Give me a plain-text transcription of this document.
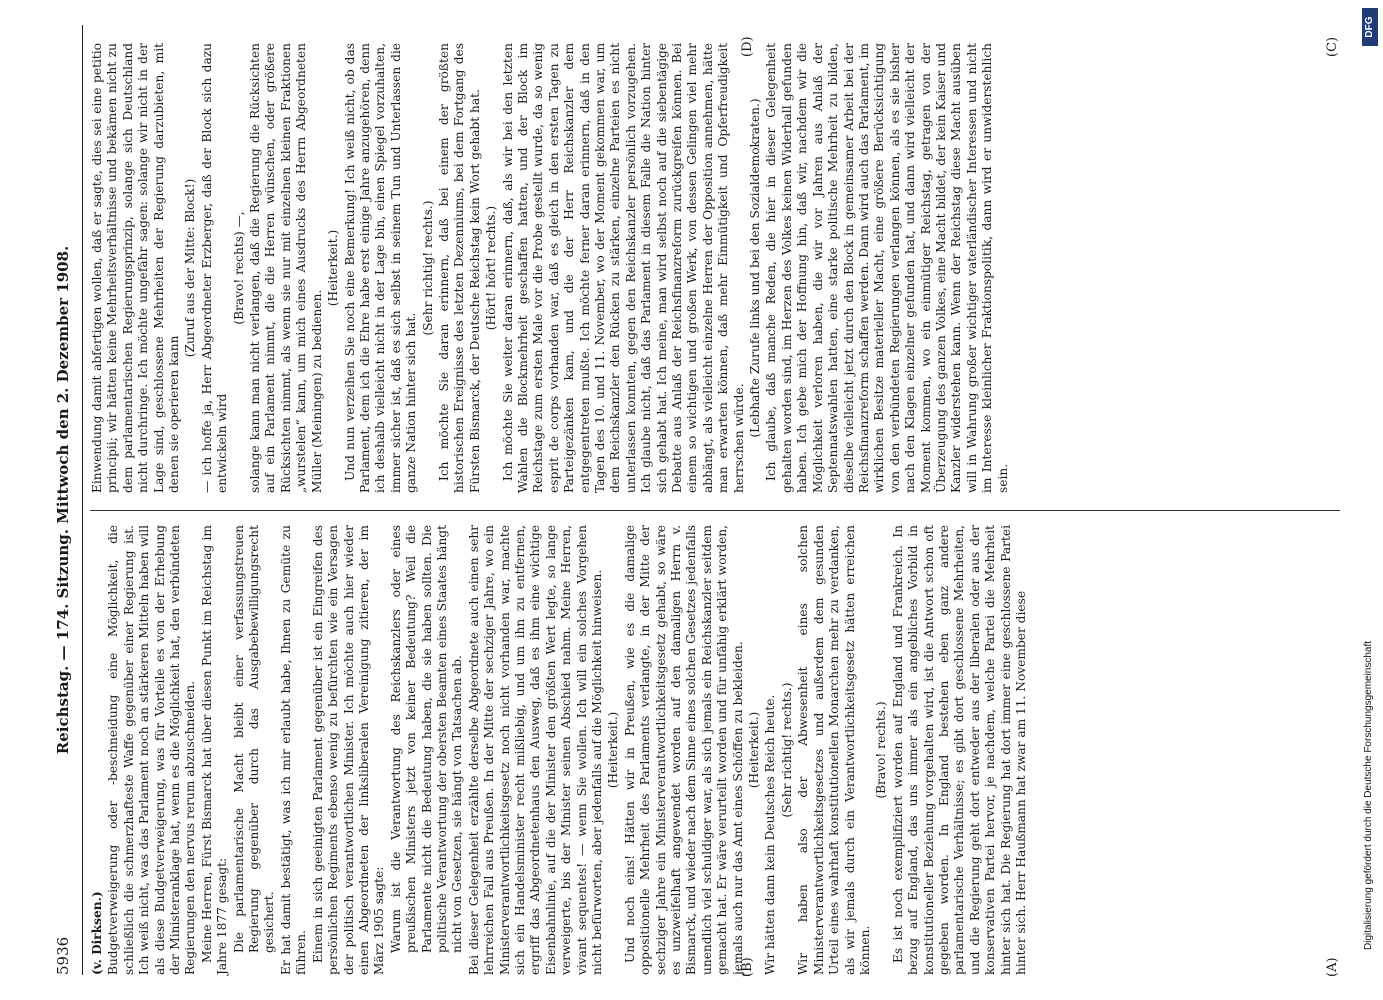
5936
Reichstag. — 174. Sitzung. Mittwoch den 2. Dezember 1908.

(v. Dirksen.) Budgetverweigerung oder -beschneidung eine Möglichkeit, die schließlich die schmerzhafteste Waffe gegenüber einer Regierung ist. Ich weiß nicht, was das Parlament noch an stärkeren Mitteln haben will als diese Budgetverweigerung, was für Vorteile es von der Erhebung der Ministeranklage hat, wenn es die Möglichkeit hat, den verbündeten Regierungen den nervus rerum abzuschneiden. Meine Herren, Fürst Bismarck hat über diesen Punkt im Reichstag im Jahre 1877 gesagt: Die parlamentarische Macht bleibt einer verfassungstreuen Regierung gegenüber durch das Ausgabebewilligungsrecht gesichert. Er hat damit bestätigt, was ich mir erlaubt habe, Ihnen zu Gemüte zu führen. Einem in sich geeinigten Parlament gegenüber ist ein Eingreifen des persönlichen Regiments ebenso wenig zu befürchten wie ein Versagen der politisch verantwortlichen Minister. Ich möchte auch hier wieder einen Abgeordneten der linksliberalen Vereinigung zitieren, der im März 1905 sagte: Warum ist die Verantwortung des Reichskanzlers oder eines preußischen Ministers jetzt von keiner Bedeutung? Weil die Parlamente nicht die Bedeutung haben, die sie haben sollten. Die politische Verantwortung der obersten Beamten eines Staates hängt nicht von Gesetzen, sie hängt von Tatsachen ab. Bei dieser Gelegenheit erzählte derselbe Abgeordnete auch einen sehr lehrreichen Fall aus Preußen. In der Mitte der sechziger Jahre, wo ein Ministerverantwortlichkeitsgesetz noch nicht vorhanden war, machte sich ein Handelsminister recht mißliebig, und um ihn zu entfernen, ergriff das Abgeordnetenhaus den Ausweg, daß es ihm eine wichtige Eisenbahnlinie, auf die der Minister den größten Wert legte, so lange verweigerte, bis der Minister seinen Abschied nahm. Meine Herren, vivant sequentes! — wenn Sie wollen. Ich will ein solches Vorgehen nicht befürworten, aber jedenfalls auf die Möglichkeit hinweisen. (Heiterkeit.) Und noch eins! Hätten wir in Preußen, wie es die damalige oppositionelle Mehrheit des Parlaments verlangte, in der Mitte der sechziger Jahre ein Ministerverantwortlichkeitsgesetz gehabt, so wäre es unzweifelhaft angewendet worden auf den damaligen Herrn v. Bismarck, und wieder nach dem Sinne eines solchen Gesetzes jedenfalls unendlich viel schuldiger war, als sich jemals ein Reichskanzler seitdem gemacht hat. Er wäre verurteilt worden und für unfähig erklärt worden, jemals auch nur das Amt eines Schöffen zu bekleiden. (Heiterkeit.) Wir hätten dann kein Deutsches Reich heute. (Sehr richtig! rechts.) Wir haben also der Abwesenheit eines solchen Ministerverantwortlichkeitsgesetzes und außerdem dem gesunden Urteil eines wahrhaft konstitutionellen Monarchen mehr zu verdanken, als wir jemals durch ein Verantwortlichkeitsgesetz hätten erreichen können.

(Bravo! rechts.) Es ist noch exemplifiziert worden auf England und Frankreich. In bezug auf England, das uns immer als ein angebliches Vorbild in konstitutioneller Beziehung vorgehalten wird, ist die Antwort schon oft gegeben worden. In England bestehen eben ganz andere parlamentarische Verhältnisse; es gibt dort geschlossene Mehrheiten, und die Regierung geht dort entweder aus der liberalen oder aus der konservativen Partei hervor, je nachdem, welche Partei die Mehrheit hinter sich hat. Die Regierung hat dort immer eine geschlossene Partei hinter sich. Herr Haußmann hat zwar am 11. November diese

Einwendung damit abfertigen wollen, daß er sagte, dies sei eine petitio principii; wir hätten keine Mehrheitsverhältnisse und bekämen nicht zu dem parlamentarischen Regierungsprinzip, solange sich Deutschland nicht durchringe. Ich möchte ungefähr sagen: solange wir nicht in der Lage sind, geschlossene Mehrheiten der Regierung darzubieten, mit denen sie operieren kann

(Zuruf aus der Mitte: Block!) — ich hoffe ja, Herr Abgeordneter Erzberger, daß der Block sich dazu entwickeln wird

(Bravo! rechts) —, solange kann man nicht verlangen, daß die Regierung die Rücksichten auf ein Parlament nimmt, die die Herren wünschen, oder größere Rücksichten nimmt, als wenn sie nur mit einzelnen kleinen Fraktionen „wurstelen“ kann, um mich eines Ausdrucks des Herrn Abgeordneten Müller (Meiningen) zu bedienen.

(Heiterkeit.) Und nun verzeihen Sie noch eine Bemerkung! Ich weiß nicht, ob das Parlament, dem ich die Ehre habe erst einige Jahre anzugehören, denn ich deshalb vielleicht nicht in der Lage bin, einen Spiegel vorzuhalten, immer sicher ist, daß es sich selbst in seinem Tun und Unterlassen die ganze Nation hinter sich hat.

(Sehr richtig! rechts.) Ich möchte Sie daran erinnern, daß bei einem der größten historischen Ereignisse des letzten Dezenniums, bei dem Fortgang des Fürsten Bismarck, der Deutsche Reichstag kein Wort gehabt hat. (Hört! hört! rechts.) Ich möchte Sie weiter daran erinnern, daß, als wir bei den letzten Wahlen die Blockmehrheit geschaffen hatten, und der Block im Reichstage zum ersten Male vor die Probe gestellt wurde, da so wenig esprit de corps vorhanden war, daß es gleich in den ersten Tagen zu Parteigezänken kam, und die der Herr Reichskanzler dem entgegentreten mußte. Ich möchte ferner daran erinnern, daß in den Tagen des 10. und 11. November, wo der Moment gekommen war, um dem Reichskanzler den Rücken zu stärken, einzelne Parteien es nicht unterlassen konnten, gegen den Reichskanzler persönlich vorzugehen. Ich glaube nicht, daß das Parlament in diesem Falle die Nation hinter sich gehabt hat. Ich meine, man wird selbst noch auf die siebentägige Debatte aus Anlaß der Reichsfinanzreform zurückgreifen können. Bei einem so wichtigen und großen Werk, von dessen Gelingen viel mehr abhängt, als vielleicht einzelne Herren der Opposition annehmen, hätte man erwarten können, daß mehr Einmütigkeit und Opferfreudigkeit herrschen würde.

(Lebhafte Zurufe links und bei den Sozialdemokraten.) Ich glaube, daß manche Reden, die hier in dieser Gelegenheit gehalten worden sind, im Herzen des Volkes keinen Widerhall gefunden haben. Ich gebe mich der Hoffnung hin, daß wir, nachdem wir die Möglichkeit verloren haben, die wir vor Jahren aus Anlaß der Septennatswahlen hatten, eine starke politische Mehrheit zu bilden, dieselbe vielleicht jetzt durch den Block in gemeinsamer Arbeit bei der Reichsfinanzreform schaffen werden. Dann wird auch das Parlament, im wirklichen Besitze materieller Macht, eine größere Berücksichtigung von den verbündeten Regierungen verlangen können, als es sie bisher nach den Klagen einzelner gefunden hat, und dann wird vielleicht der Moment kommen, wo ein einmütiger Reichstag, getragen von der Überzeugung des ganzen Volkes, eine Macht bildet, der kein Kaiser und Kanzler widerstehen kann. Wenn der Reichstag diese Macht ausüben will in Wahrung großer wichtiger vaterländischer Interessen und nicht im Interesse kleinlicher Fraktionspolitik, dann wird er unwiderstehlich sein.

(A)
(B)
(C)
(D)
Digitalisierung gefördert durch die Deutsche Forschungsgemeinschaft
DFG
